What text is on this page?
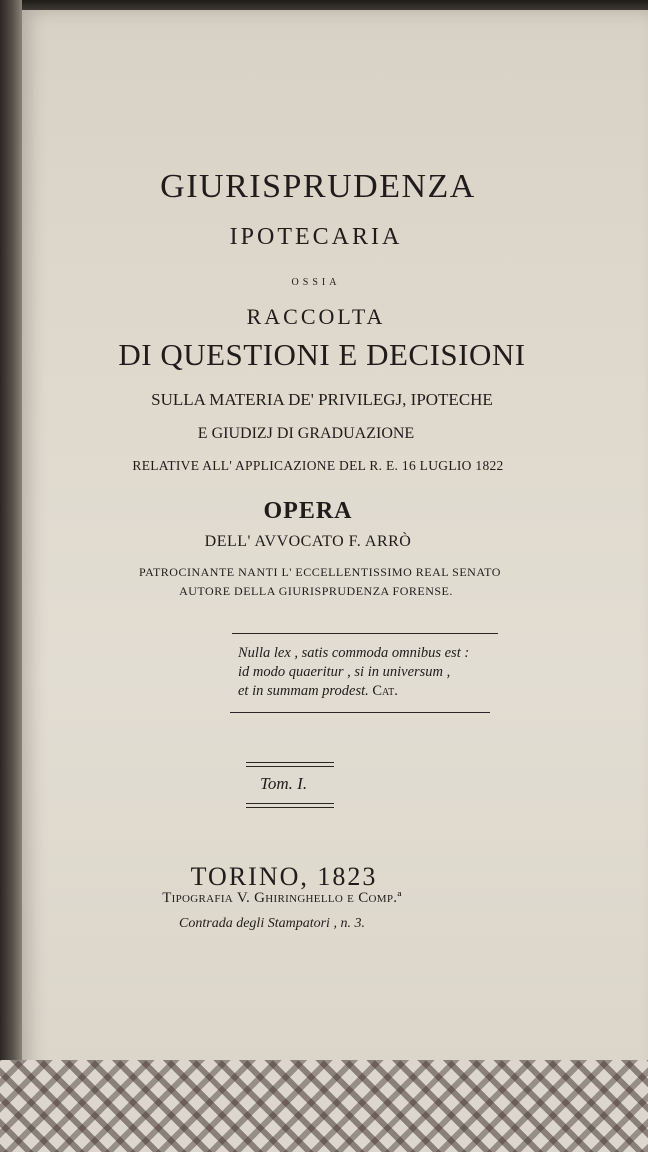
GIURISPRUDENZA
IPOTECARIA
OSSIA
RACCOLTA
DI QUESTIONI E DECISIONI
SULLA MATERIA DE' PRIVILEGJ, IPOTECHE
E GIUDIZJ DI GRADUAZIONE
RELATIVE ALL' APPLICAZIONE DEL R. E. 16 LUGLIO 1822
OPERA
DELL' AVVOCATO F. ARRÒ
PATROCINANTE NANTI L' ECCELLENTISSIMO REAL SENATO
AUTORE DELLA GIURISPRUDENZA FORENSE.
Nulla lex , satis commoda omnibus est :
id modo quaeritur , si in universum ,
et in summam prodest. Cat.
Tom. I.
TORINO, 1823
Tipografia V. Ghiringhello e Comp.ª
Contrada degli Stampatori , n. 3.
